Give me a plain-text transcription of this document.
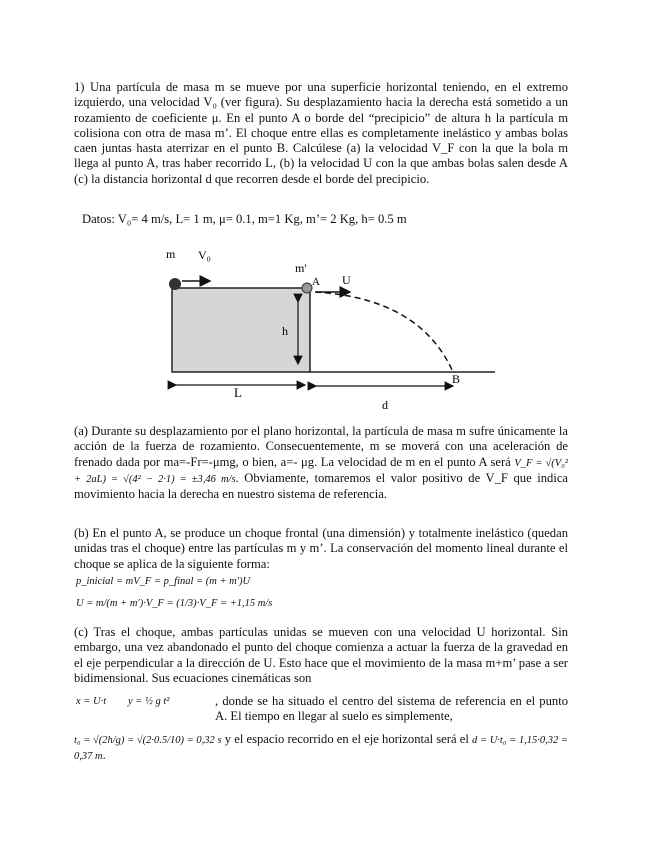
1) Una partícula de masa m se mueve por una superficie horizontal teniendo, en el extremo izquierdo, una velocidad V₀ (ver figura). Su desplazamiento hacia la derecha está sometido a un rozamiento de coeficiente μ. En el punto A o borde del “precipicio” de altura h la partícula m colisiona con otra de masa m’. El choque entre ellas es completamente inelástico y ambas bolas caen juntas hasta aterrizar en el punto B. Calcúlese (a) la velocidad V_F con la que la bola m llega al punto A, tras haber recorrido L, (b) la velocidad U con la que ambas bolas salen desde A (c) la distancia horizontal d que recorren desde el borde del precipicio.

Datos: V₀= 4 m/s, L= 1 m, μ= 0.1, m=1 Kg, m’= 2 Kg, h= 0.5 m

m V₀
m'
A U
h
B
L
d

(a) Durante su desplazamiento por el plano horizontal, la partícula de masa m sufre únicamente la acción de la fuerza de rozamiento. Consecuentemente, m se moverá con una aceleración de frenado dada por ma=-Fr=-μmg, o bien, a=- μg. La velocidad de m en el punto A será V_F = √(V₀² + 2aL) = √(4² − 2·1) = ±3,46 m/s. Obviamente, tomaremos el valor positivo de V_F que indica movimiento hacia la derecha en nuestro sistema de referencia.

(b) En el punto A, se produce un choque frontal (una dimensión) y totalmente inelástico (quedan unidas tras el choque) entre las partículas m y m’. La conservación del momento lineal durante el choque se aplica de la siguiente forma:

p_inicial = mV_F = p_final = (m + m′)U
U = m/(m + m′)·V_F = (1/3)·V_F = +1,15 m/s

(c) Tras el choque, ambas partículas unidas se mueven con una velocidad U horizontal. Sin embargo, una vez abandonado el punto del choque comienza a actuar la fuerza de la gravedad en el eje perpendicular a la dirección de U. Esto hace que el movimiento de la masa m+m’ pase a ser bidimensional. Sus ecuaciones cinemáticas son

x = U·t y = ½ g t²	, donde se ha situado el centro del sistema de referencia en el punto A. El tiempo en llegar al suelo es simplemente,

t₀ = √(2h/g) = √(2·0.5/10) = 0,32 s y el espacio recorrido en el eje horizontal será el d = U·t₀ = 1,15·0,32 = 0,37 m.
